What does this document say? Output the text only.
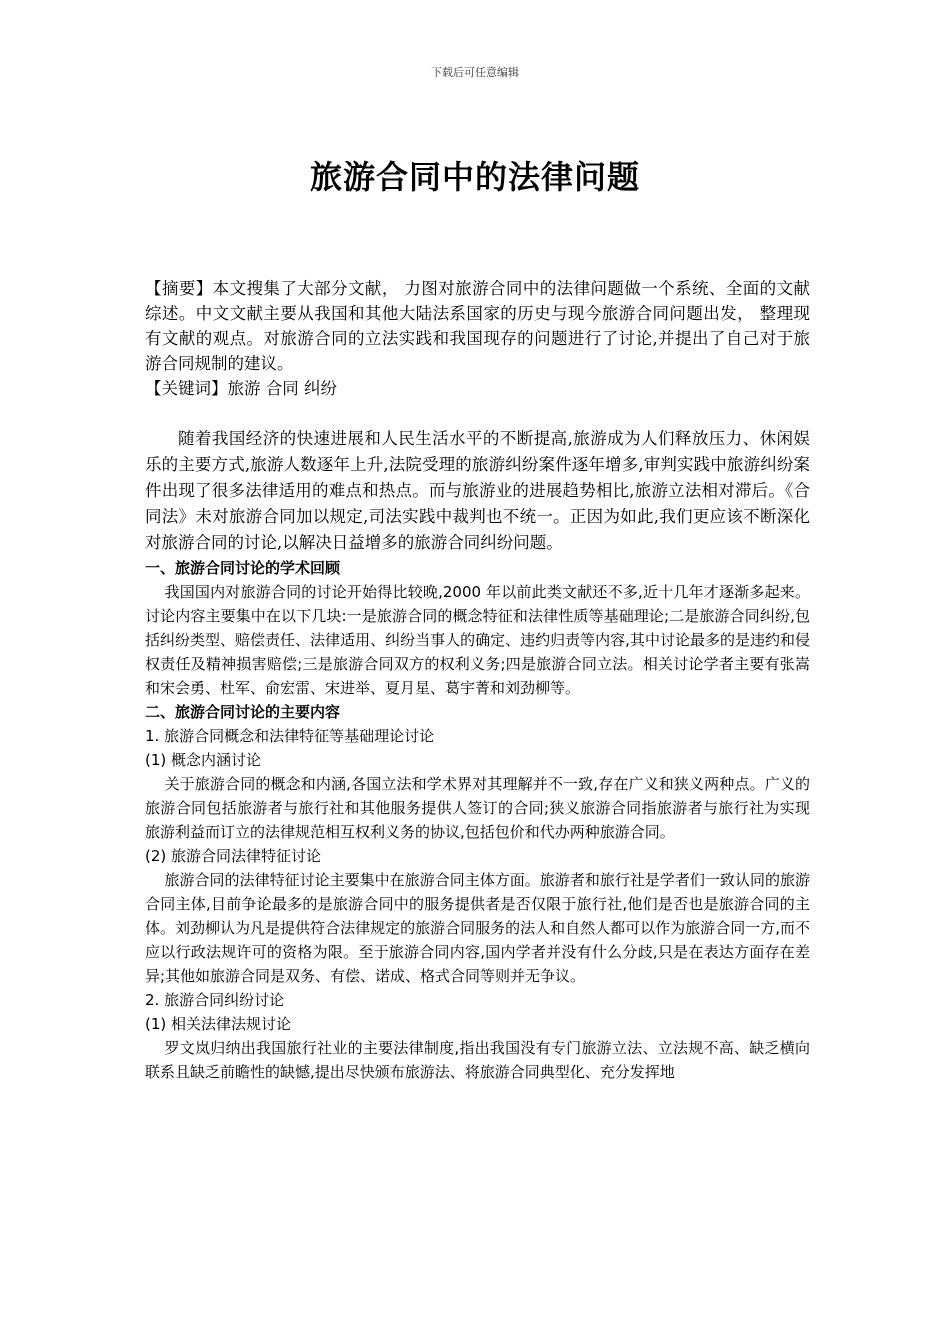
下载后可任意编辑
旅游合同中的法律问题

【摘要】本文搜集了大部分文献， 力图对旅游合同中的法律问题做一个系统、全面的文献综述。中文文献主要从我国和其他大陆法系国家的历史与现今旅游合同问题出发， 整理现有文献的观点。对旅游合同的立法实践和我国现存的问题进行了讨论,并提出了自己对于旅游合同规制的建议。

【关键词】旅游 合同 纠纷

随着我国经济的快速进展和人民生活水平的不断提高,旅游成为人们释放压力、休闲娱乐的主要方式,旅游人数逐年上升,法院受理的旅游纠纷案件逐年增多,审判实践中旅游纠纷案件出现了很多法律适用的难点和热点。而与旅游业的进展趋势相比,旅游立法相对滞后。《合同法》未对旅游合同加以规定,司法实践中裁判也不统一。正因为如此,我们更应该不断深化对旅游合同的讨论,以解决日益增多的旅游合同纠纷问题。

一、旅游合同讨论的学术回顾

我国国内对旅游合同的讨论开始得比较晚,2000 年以前此类文献还不多,近十几年才逐渐多起来。讨论内容主要集中在以下几块:一是旅游合同的概念特征和法律性质等基础理论;二是旅游合同纠纷,包括纠纷类型、赔偿责任、法律适用、纠纷当事人的确定、违约归责等内容,其中讨论最多的是违约和侵权责任及精神损害赔偿;三是旅游合同双方的权利义务;四是旅游合同立法。相关讨论学者主要有张嵩和宋会勇、杜军、俞宏雷、宋进举、夏月星、葛宇菁和刘劲柳等。

二、旅游合同讨论的主要内容

1. 旅游合同概念和法律特征等基础理论讨论

(1) 概念内涵讨论

关于旅游合同的概念和内涵,各国立法和学术界对其理解并不一致,存在广义和狭义两种点。广义的旅游合同包括旅游者与旅行社和其他服务提供人签订的合同;狭义旅游合同指旅游者与旅行社为实现旅游利益而订立的法律规范相互权利义务的协议,包括包价和代办两种旅游合同。

(2) 旅游合同法律特征讨论

旅游合同的法律特征讨论主要集中在旅游合同主体方面。旅游者和旅行社是学者们一致认同的旅游合同主体,目前争论最多的是旅游合同中的服务提供者是否仅限于旅行社,他们是否也是旅游合同的主体。刘劲柳认为凡是提供符合法律规定的旅游合同服务的法人和自然人都可以作为旅游合同一方,而不应以行政法规许可的资格为限。至于旅游合同内容,国内学者并没有什么分歧,只是在表达方面存在差异;其他如旅游合同是双务、有偿、诺成、格式合同等则并无争议。

2. 旅游合同纠纷讨论

(1) 相关法律法规讨论

罗文岚归纳出我国旅行社业的主要法律制度,指出我国没有专门旅游立法、立法规不高、缺乏横向联系且缺乏前瞻性的缺憾,提出尽快颁布旅游法、将旅游合同典型化、充分发挥地
